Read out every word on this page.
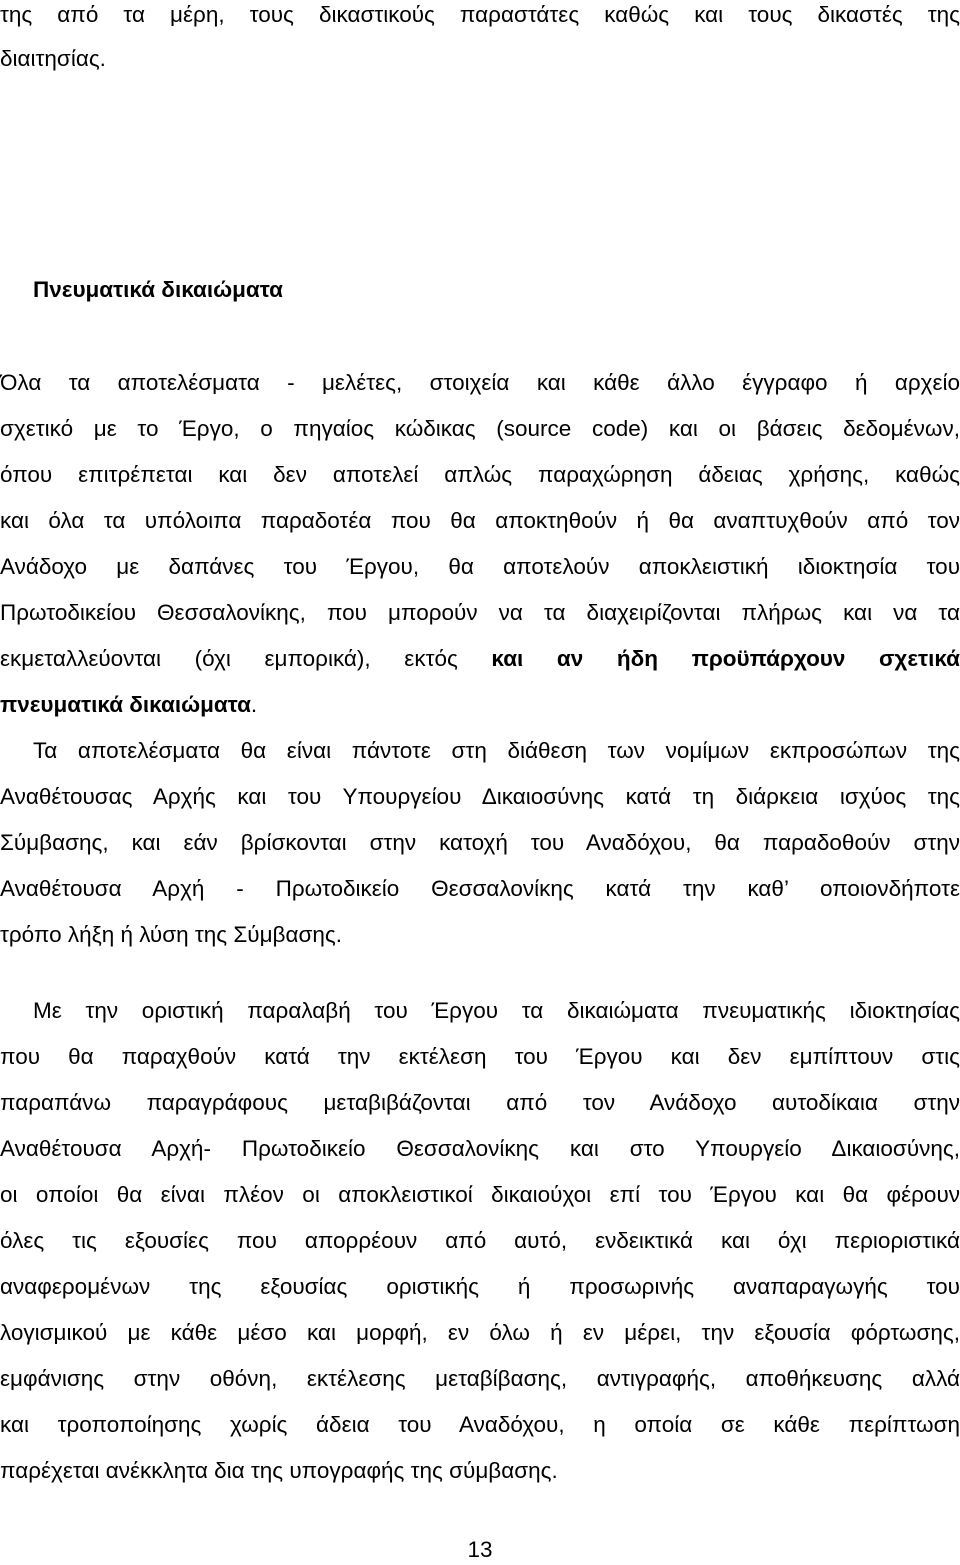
της από τα μέρη, τους δικαστικούς παραστάτες καθώς και τους δικαστές της

διαιτησίας.

Πνευματικά δικαιώματα

Όλα τα αποτελέσματα - μελέτες, στοιχεία και κάθε άλλο έγγραφο ή αρχείο

σχετικό με το Έργο, ο πηγαίος κώδικας (source code) και οι βάσεις δεδομένων,

όπου επιτρέπεται και δεν αποτελεί απλώς παραχώρηση άδειας χρήσης, καθώς

και όλα τα υπόλοιπα παραδοτέα που θα αποκτηθούν ή θα αναπτυχθούν από τον

Ανάδοχο με δαπάνες του Έργου, θα αποτελούν αποκλειστική ιδιοκτησία του

Πρωτοδικείου Θεσσαλονίκης, που μπορούν να τα διαχειρίζονται πλήρως και να τα

εκμεταλλεύονται (όχι εμπορικά), εκτός και αν ήδη προϋπάρχουν σχετικά

πνευματικά δικαιώματα.

Τα αποτελέσματα θα είναι πάντοτε στη διάθεση των νομίμων εκπροσώπων της

Αναθέτουσας Αρχής και του Υπουργείου Δικαιοσύνης κατά τη διάρκεια ισχύος της

Σύμβασης, και εάν βρίσκονται στην κατοχή του Αναδόχου, θα παραδοθούν στην

Αναθέτουσα Αρχή - Πρωτοδικείο Θεσσαλονίκης κατά την καθ’ οποιονδήποτε

τρόπο λήξη ή λύση της Σύμβασης.

Με την οριστική παραλαβή του Έργου τα δικαιώματα πνευματικής ιδιοκτησίας

που θα παραχθούν κατά την εκτέλεση του Έργου και δεν εμπίπτουν στις

παραπάνω παραγράφους μεταβιβάζονται από τον Ανάδοχο αυτοδίκαια στην

Αναθέτουσα Αρχή- Πρωτοδικείο Θεσσαλονίκης και στο Υπουργείο Δικαιοσύνης,

οι οποίοι θα είναι πλέον οι αποκλειστικοί δικαιούχοι επί του Έργου και θα φέρουν

όλες τις εξουσίες που απορρέουν από αυτό, ενδεικτικά και όχι περιοριστικά

αναφερομένων της εξουσίας οριστικής ή προσωρινής αναπαραγωγής του

λογισμικού με κάθε μέσο και μορφή, εν όλω ή εν μέρει, την εξουσία φόρτωσης,

εμφάνισης στην οθόνη, εκτέλεσης μεταβίβασης, αντιγραφής, αποθήκευσης αλλά

και τροποποίησης χωρίς άδεια του Αναδόχου, η οποία σε κάθε περίπτωση

παρέχεται ανέκκλητα δια της υπογραφής της σύμβασης.

13
